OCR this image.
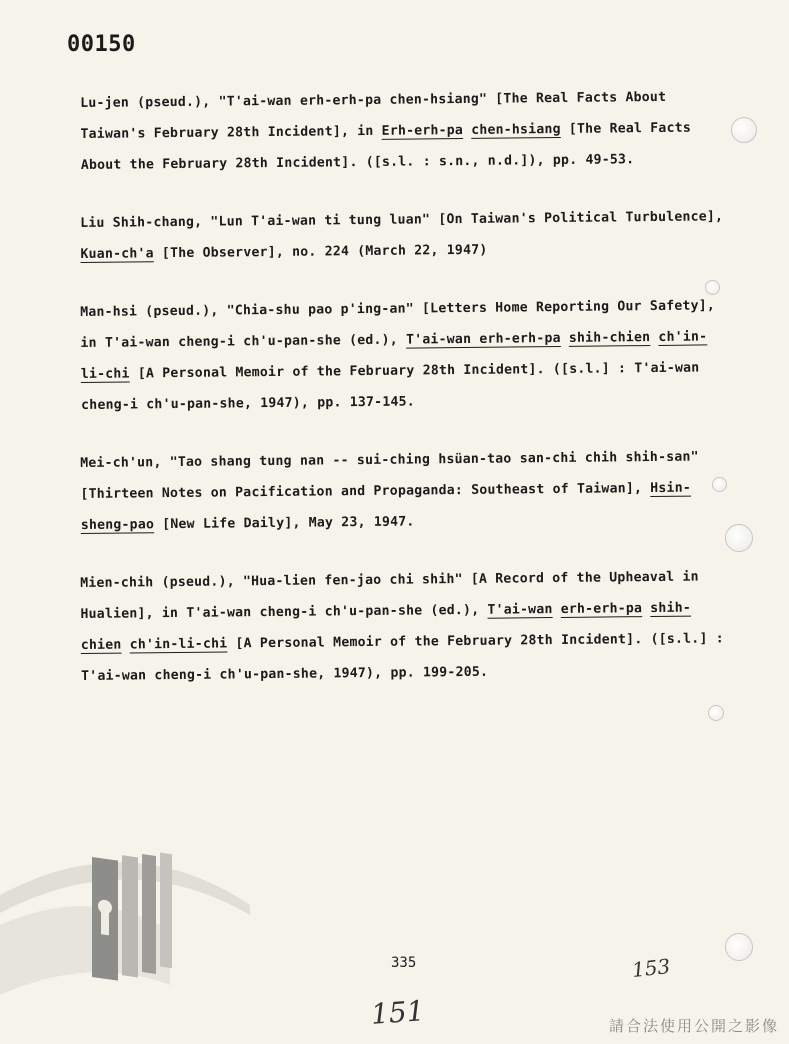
00150
Lu-jen (pseud.), "T'ai-wan erh-erh-pa chen-hsiang" [The Real Facts About Taiwan's February 28th Incident], in Erh-erh-pa chen-hsiang [The Real Facts About the February 28th Incident]. ([s.l. : s.n., n.d.]), pp. 49-53.
Liu Shih-chang, "Lun T'ai-wan ti tung luan" [On Taiwan's Political Turbulence], Kuan-ch'a [The Observer], no. 224 (March 22, 1947)
Man-hsi (pseud.), "Chia-shu pao p'ing-an" [Letters Home Reporting Our Safety], in T'ai-wan cheng-i ch'u-pan-she (ed.), T'ai-wan erh-erh-pa shih-chien ch'in-li-chi [A Personal Memoir of the February 28th Incident]. ([s.l.] : T'ai-wan cheng-i ch'u-pan-she, 1947), pp. 137-145.
Mei-ch'un, "Tao shang tung nan -- sui-ching hsüan-tao san-chi chih shih-san" [Thirteen Notes on Pacification and Propaganda: Southeast of Taiwan], Hsin-sheng-pao [New Life Daily], May 23, 1947.
Mien-chih (pseud.), "Hua-lien fen-jao chi shih" [A Record of the Upheaval in Hualien], in T'ai-wan cheng-i ch'u-pan-she (ed.), T'ai-wan erh-erh-pa shih-chien ch'in-li-chi [A Personal Memoir of the February 28th Incident]. ([s.l.] : T'ai-wan cheng-i ch'u-pan-she, 1947), pp. 199-205.
335	153
151	請合法使用公開之影像
